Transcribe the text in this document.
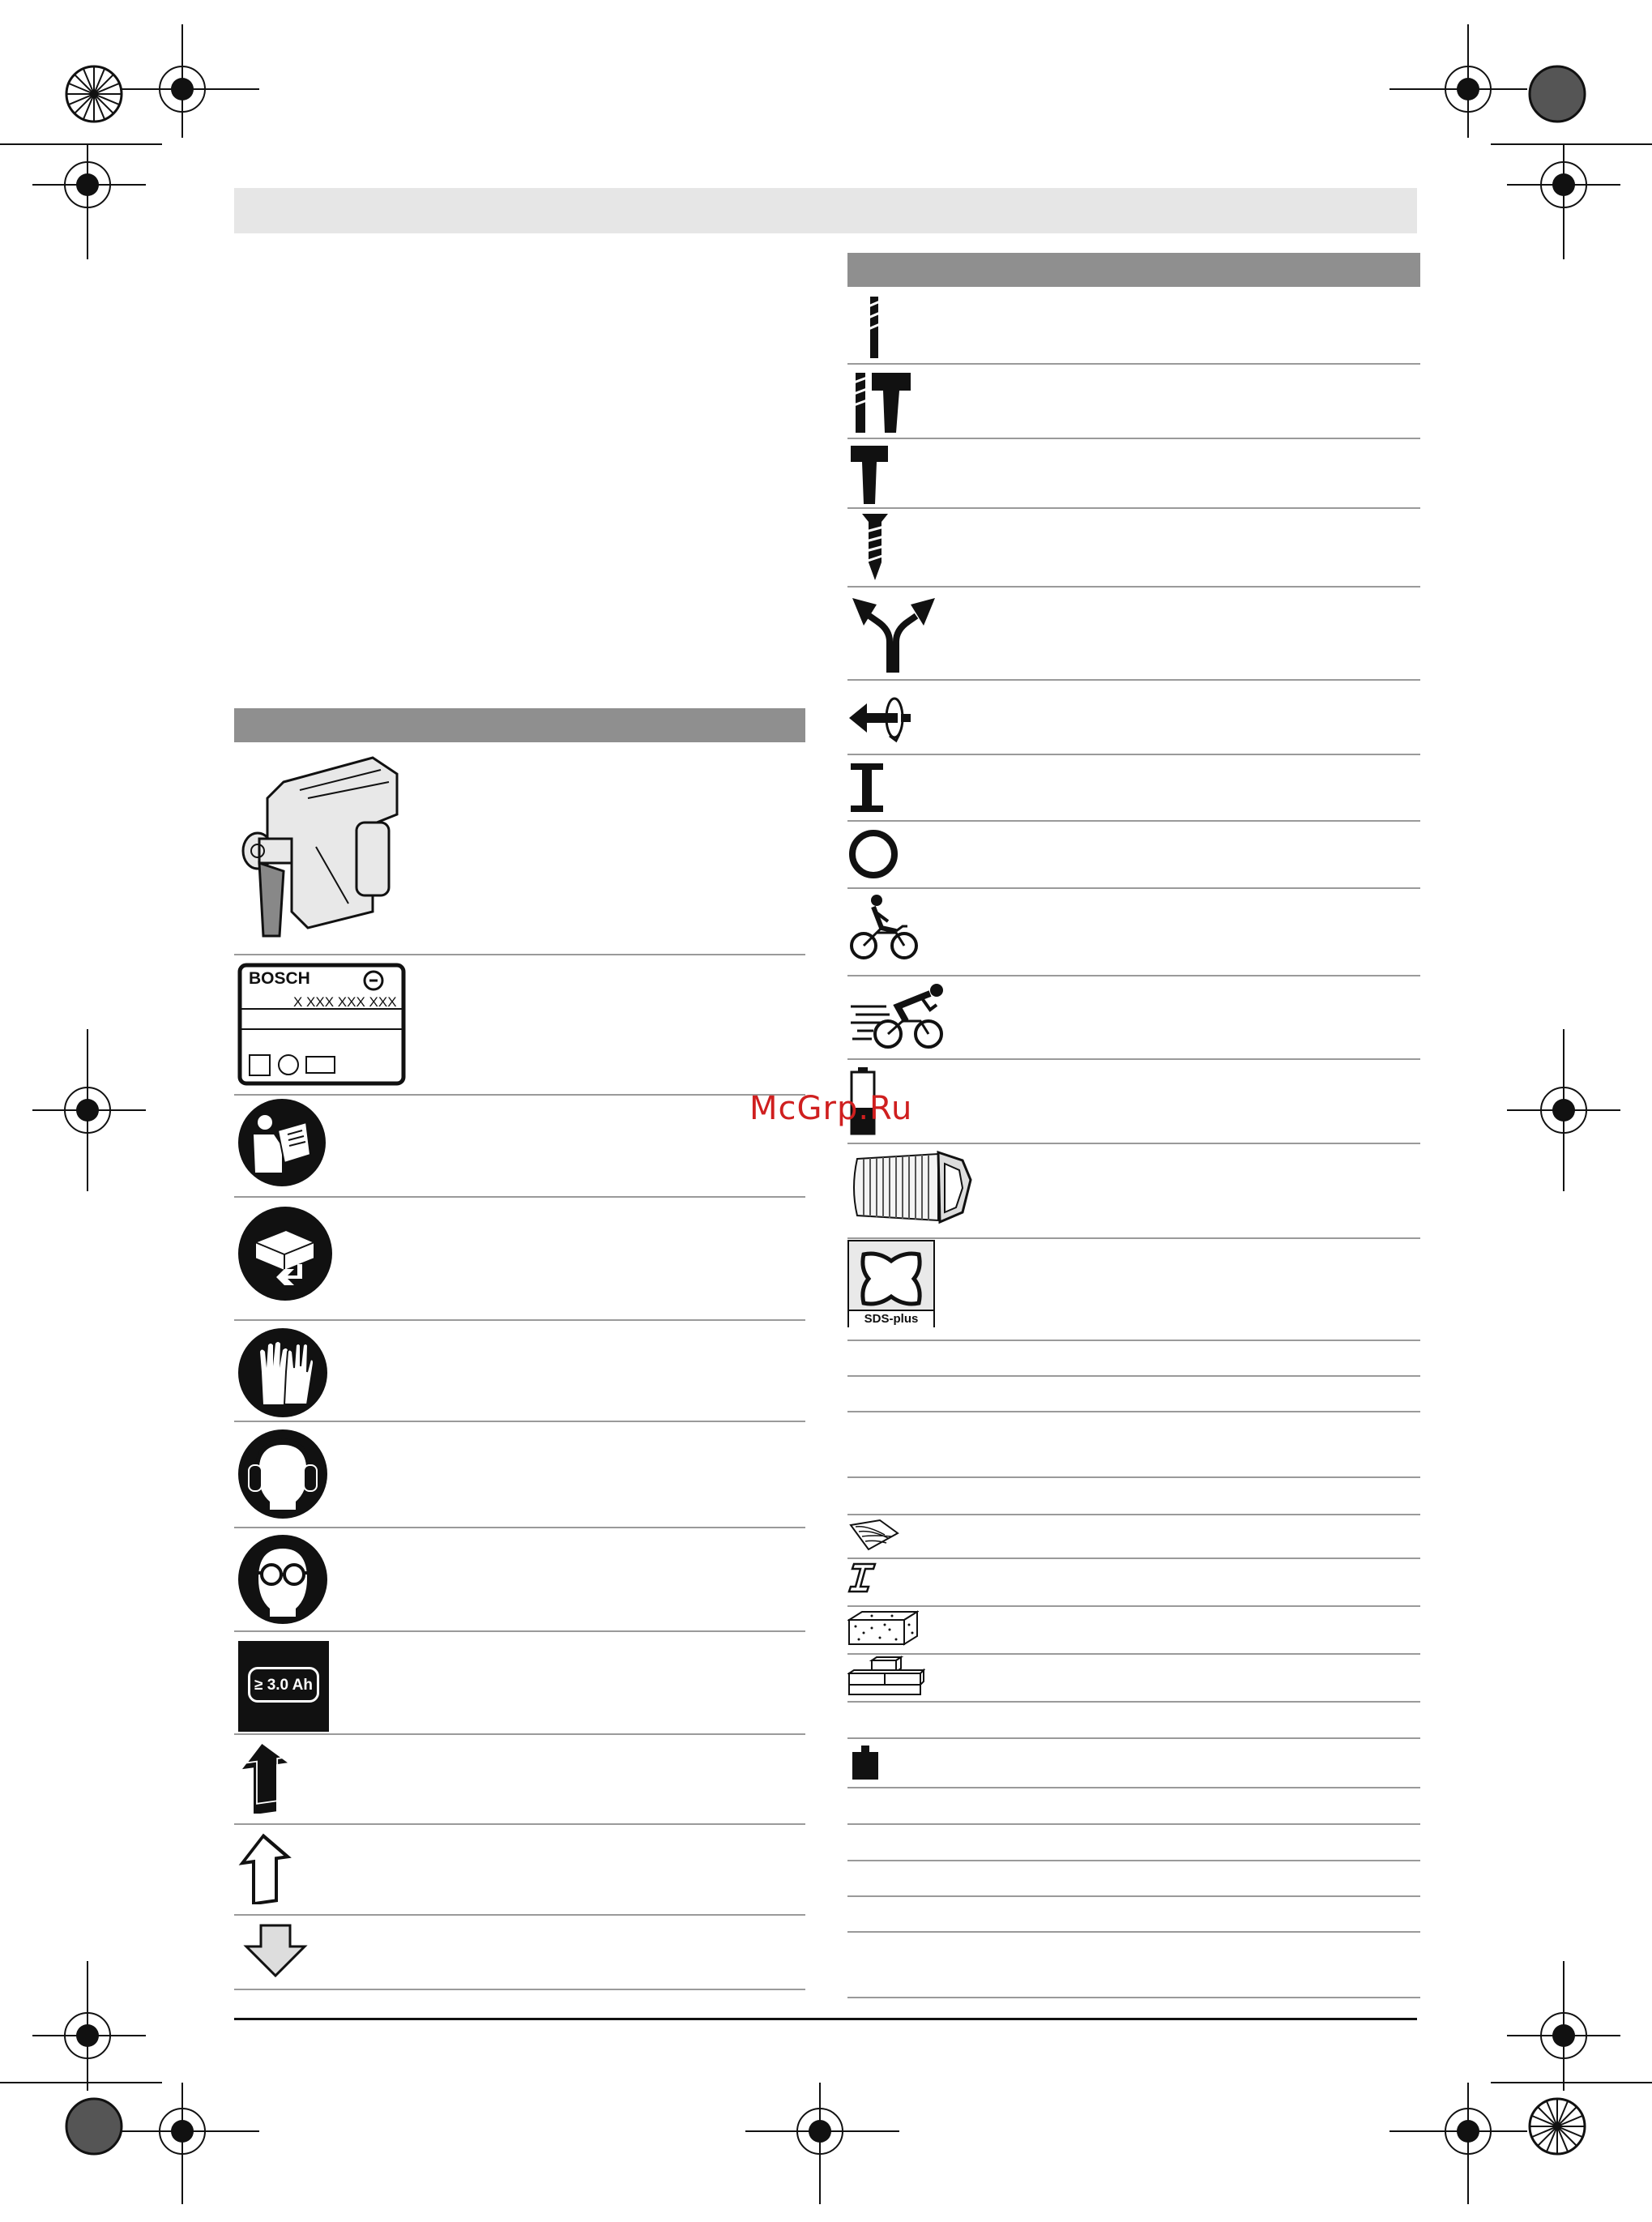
BOSCH
X XXX XXX XXX
≥ 3.0 Ah
SDS-plus
McGrp.Ru
